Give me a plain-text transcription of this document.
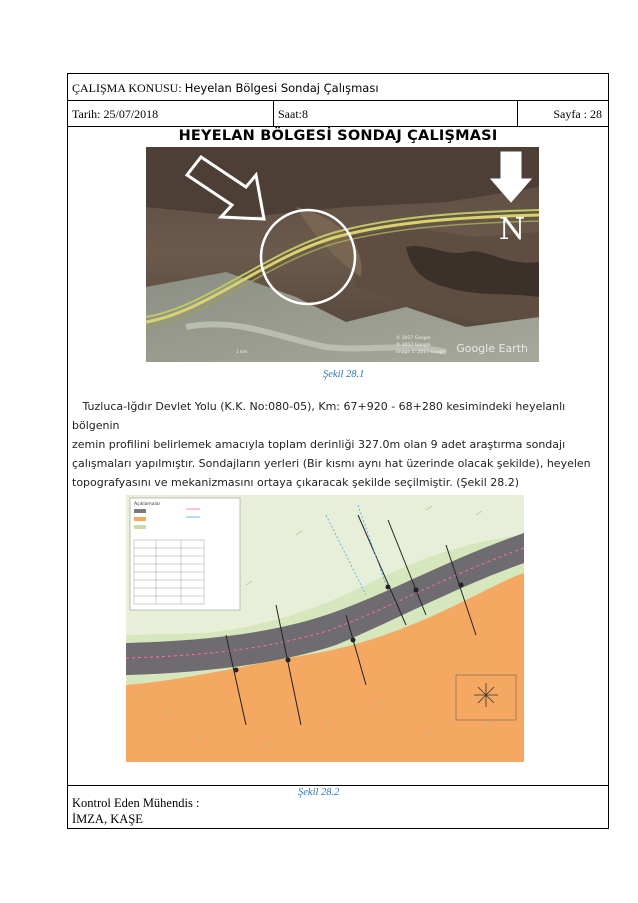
ÇALIŞMA KONUSU: Heyelan Bölgesi Sondaj Çalışması
Tarih: 25/07/2018	Saat:8	Sayfa : 28
HEYELAN BÖLGESİ SONDAJ ÇALIŞMASI
N
Google Earth
© 2017 Google
© 2017 Google
Image © 2017 Google
1 km
Şekil 28.1

Tuzluca-Iğdır Devlet Yolu (K.K. No:080-05), Km: 67+920 - 68+280 kesimindeki heyelanlı bölgenin

zemin profilini belirlemek amacıyla toplam derinliği 327.0m olan 9 adet araştırma sondajı

çalışmaları yapılmıştır. Sondajların yerleri (Bir kısmı aynı hat üzerinde olacak şekilde), heyelen

topografyasını ve mekanizmasını ortaya çıkaracak şekilde seçilmiştir. (Şekil 28.2)

Açıklamalar
Şekil 28.2
Kontrol Eden Mühendis :
İMZA, KAŞE
